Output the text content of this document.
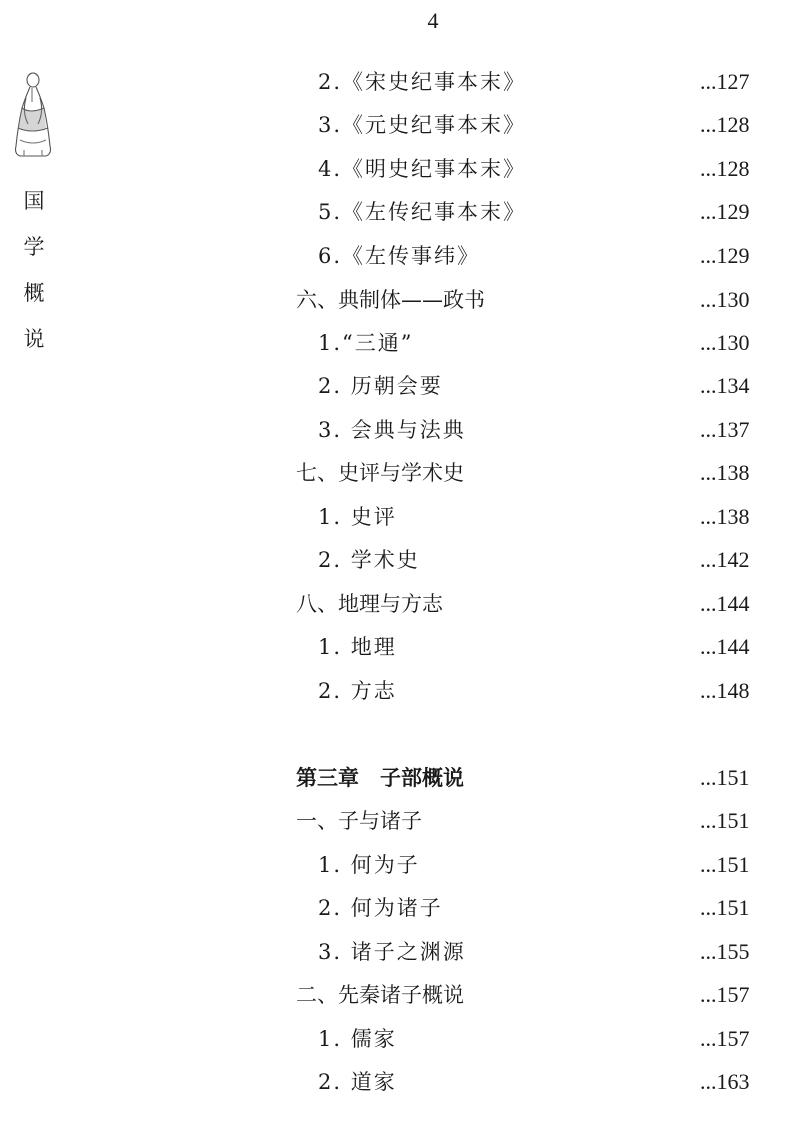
4
国
学
概
说
2.《宋史纪事本末》	...127
3.《元史纪事本末》	...128
4.《明史纪事本末》	...128
5.《左传纪事本末》	...129
6.《左传事纬》	...129
六、典制体——政书	...130
1.“三通”	...130
2. 历朝会要	...134
3. 会典与法典	...137
七、史评与学术史	...138
1. 史评	...138
2. 学术史	...142
八、地理与方志	...144
1. 地理	...144
2. 方志	...148
第三章　子部概说	...151
一、子与诸子	...151
1. 何为子	...151
2. 何为诸子	...151
3. 诸子之渊源	...155
二、先秦诸子概说	...157
1. 儒家	...157
2. 道家	...163
